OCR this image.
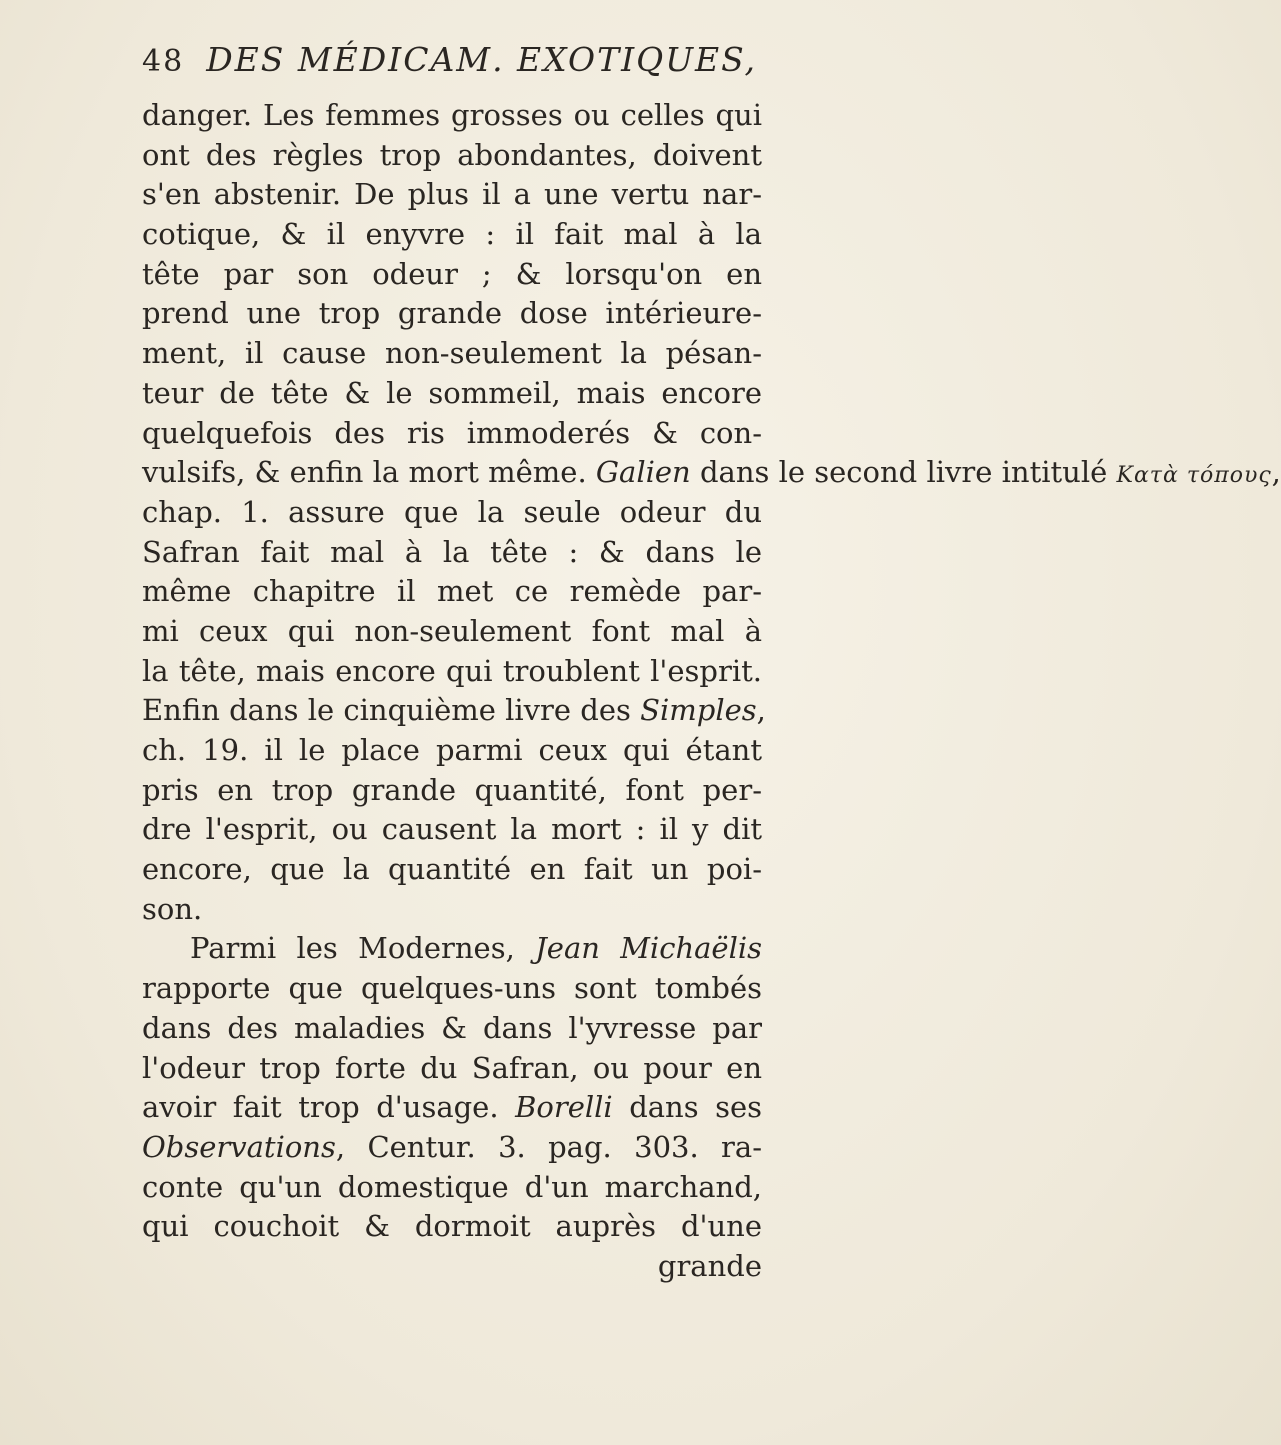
48 DES MÉDICAM. EXOTIQUES,
danger. Les femmes grosses ou celles qui
ont des règles trop abondantes, doivent
s'en abstenir. De plus il a une vertu nar-
cotique, & il enyvre : il fait mal à la
tête par son odeur ; & lorsqu'on en
prend une trop grande dose intérieure-
ment, il cause non-seulement la pésan-
teur de tête & le sommeil, mais encore
quelquefois des ris immoderés & con-
vulsifs, & enfin la mort même. Galien dans le second livre intitulé Κατὰ τόπους,
chap. 1. assure que la seule odeur du
Safran fait mal à la tête : & dans le
même chapitre il met ce remède par-
mi ceux qui non-seulement font mal à
la tête, mais encore qui troublent l'esprit.
Enfin dans le cinquième livre des Simples,
ch. 19. il le place parmi ceux qui étant
pris en trop grande quantité, font per-
dre l'esprit, ou causent la mort : il y dit
encore, que la quantité en fait un poi-
son.
Parmi les Modernes, Jean Michaëlis
rapporte que quelques-uns sont tombés
dans des maladies & dans l'yvresse par
l'odeur trop forte du Safran, ou pour en
avoir fait trop d'usage. Borelli dans ses
Observations, Centur. 3. pag. 303. ra-
conte qu'un domestique d'un marchand,
qui couchoit & dormoit auprès d'une
grande
